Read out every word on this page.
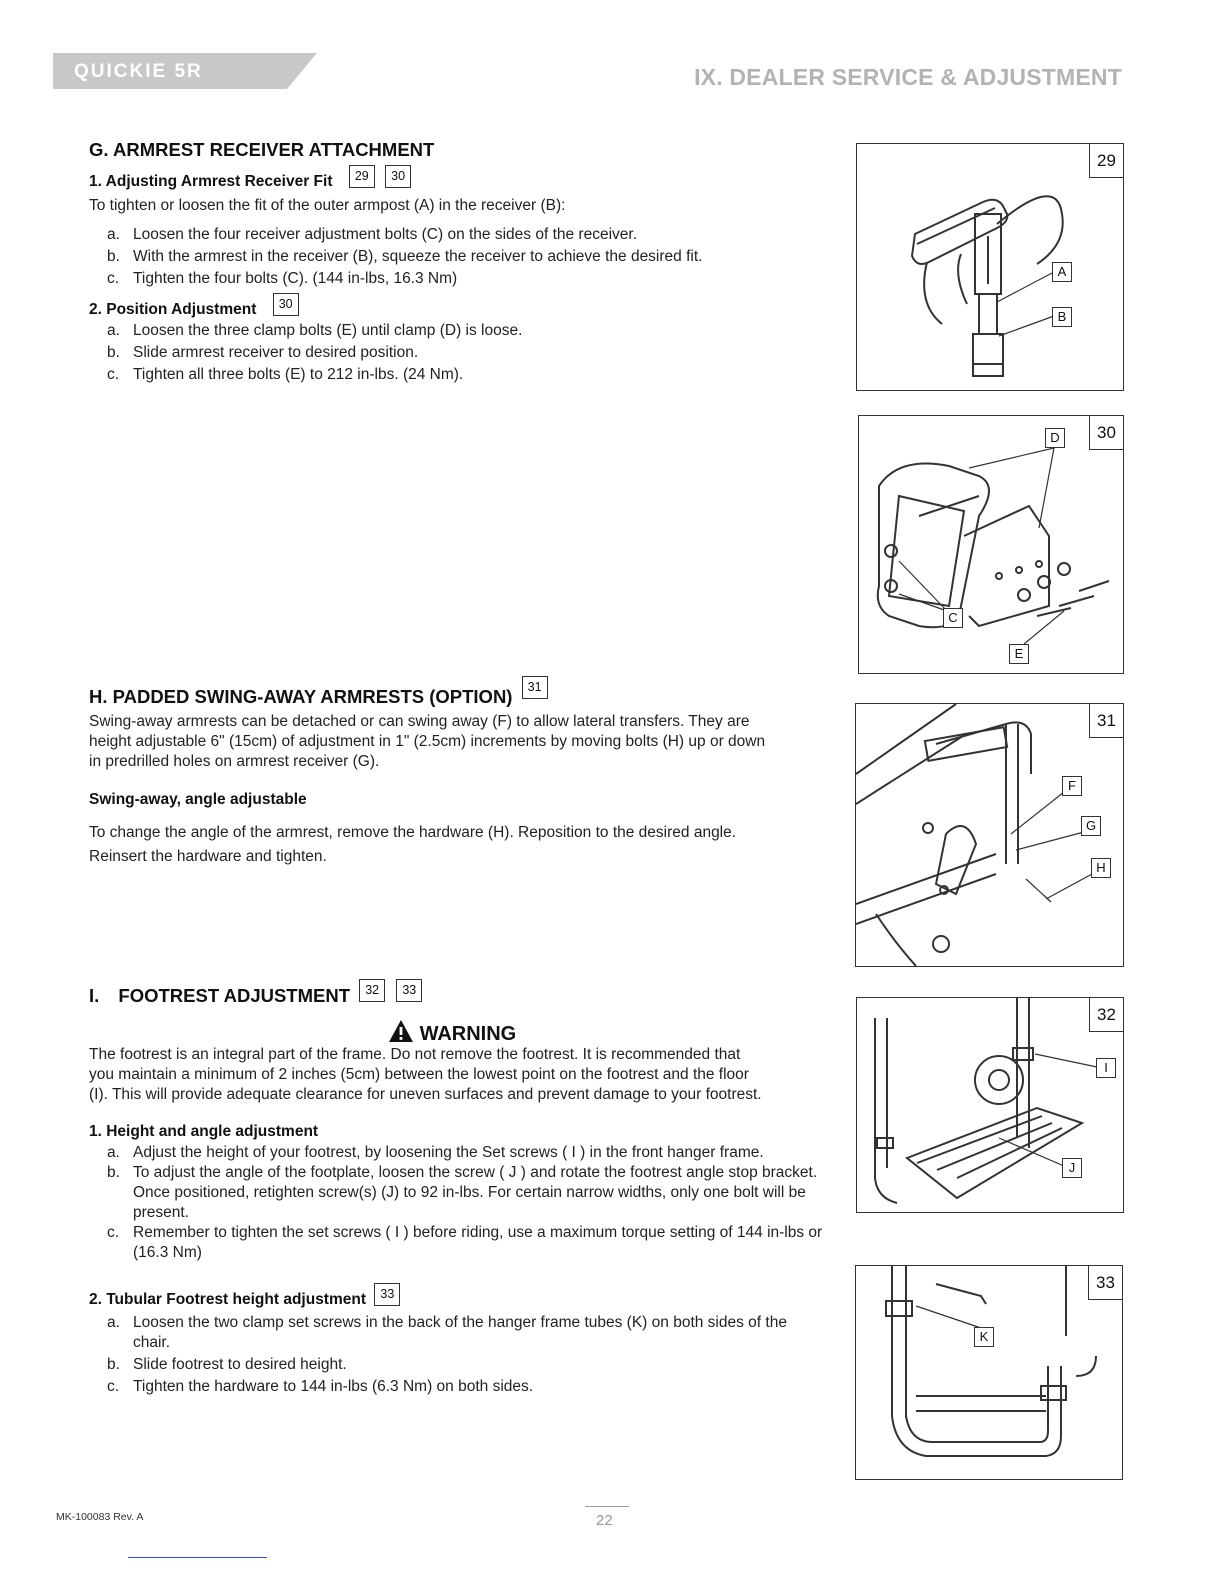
QUICKIE 5R	IX. DEALER SERVICE & ADJUSTMENT
G. ARMREST RECEIVER ATTACHMENT
1. Adjusting Armrest Receiver Fit 29 30
To tighten or loosen the fit of the outer armpost (A) in the receiver (B):
a. Loosen the four receiver adjustment bolts (C) on the sides of the receiver.
b. With the armrest in the receiver (B), squeeze the receiver to achieve the desired fit.
c. Tighten the four bolts (C). (144 in-lbs, 16.3 Nm)
2. Position Adjustment 30
a. Loosen the three clamp bolts (E) until clamp (D) is loose.
b. Slide armrest receiver to desired position.
c. Tighten all three bolts (E) to 212 in-lbs. (24 Nm).
H. PADDED SWING-AWAY ARMRESTS (OPTION) 31
Swing-away armrests can be detached or can swing away (F) to allow lateral transfers. They are
height adjustable 6" (15cm) of adjustment in 1" (2.5cm) increments by moving bolts (H) up or down
in predrilled holes on armrest receiver (G).
Swing-away, angle adjustable
To change the angle of the armrest, remove the hardware (H). Reposition to the desired angle.
Reinsert the hardware and tighten.
I. FOOTREST ADJUSTMENT 32 33
WARNING
The footrest is an integral part of the frame. Do not remove the footrest. It is recommended that
you maintain a minimum of 2 inches (5cm) between the lowest point on the footrest and the floor
(I). This will provide adequate clearance for uneven surfaces and prevent damage to your footrest.
1. Height and angle adjustment
a. Adjust the height of your footrest, by loosening the Set screws ( I ) in the front hanger frame.
b. To adjust the angle of the footplate, loosen the screw ( J ) and rotate the footrest angle stop bracket. Once positioned, retighten screw(s) (J) to 92 in-lbs. For certain narrow widths, only one bolt will be present.
c. Remember to tighten the set screws ( I ) before riding, use a maximum torque setting of 144 in-lbs or (16.3 Nm)
2. Tubular Footrest height adjustment 33
a. Loosen the two clamp set screws in the back of the hanger frame tubes (K) on both sides of the chair.
b. Slide footrest to desired height.
c. Tighten the hardware to 144 in-lbs (6.3 Nm) on both sides.
A
B
29
D
C
E
30
F
G
H
31
I
J
32
K
33
MK-100083 Rev. A	22
